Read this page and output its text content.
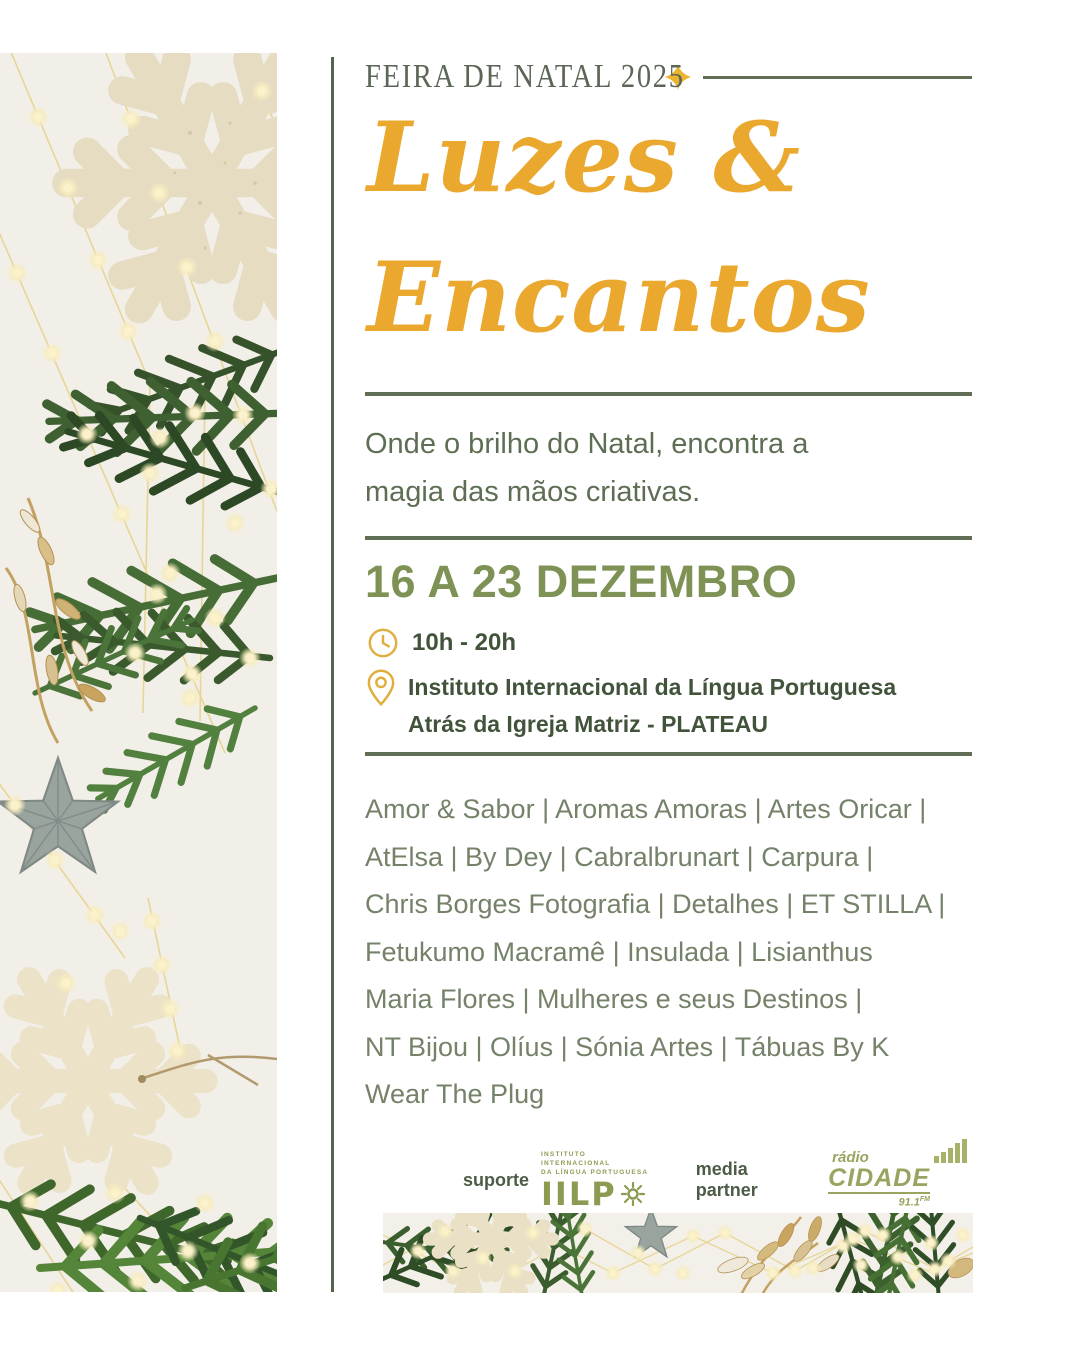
FEIRA DE NATAL 2025
Luzes &
Encantos
Onde o brilho do Natal, encontra a
magia das mãos criativas.
16 A 23 DEZEMBRO
10h - 20h
Instituto Internacional da Língua Portuguesa
Atrás da Igreja Matriz - PLATEAU
Amor & Sabor | Aromas Amoras | Artes Oricar |
AtElsa | By Dey | Cabralbrunart | Carpura |
Chris Borges Fotografia | Detalhes | ET STILLA |
Fetukumo Macramê | Insulada | Lisianthus
Maria Flores | Mulheres e seus Destinos |
NT Bijou | Olíus | Sónia Artes | Tábuas By K
Wear The Plug
suporte
INSTITUTO INTERNACIONAL
DA LÍNGUA PORTUGUESA
IILP
media partner
rádio
CIDADE
$91.1^{FM}$
